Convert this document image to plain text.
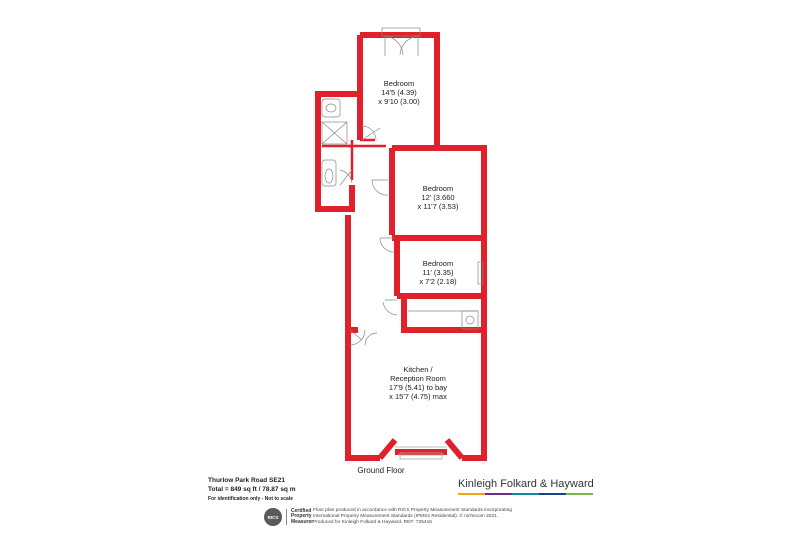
Bedroom
14'5 (4.39)
x 9'10 (3.00)
Bedroom
12' (3.660
x 11'7 (3.53)
Bedroom
11' (3.35)
x 7'2 (2.18)
Kitchen /
Reception Room
17'9 (5.41) to bay
x 15'7 (4.75) max
Ground Floor
Thurlow Park Road SE21
Total = 849 sq ft / 78.87 sq m
For identification only - Not to scale
Kinleigh Folkard & Hayward
RICS
Certified
Property
Measurer
Floor plan produced in accordance with RICS Property Measurement Standards incorporating
International Property Measurement Standards (IPMS2 Residential). © nichecom 2021.
Produced for Kinleigh Folkard & Hayward. REF: 725416
